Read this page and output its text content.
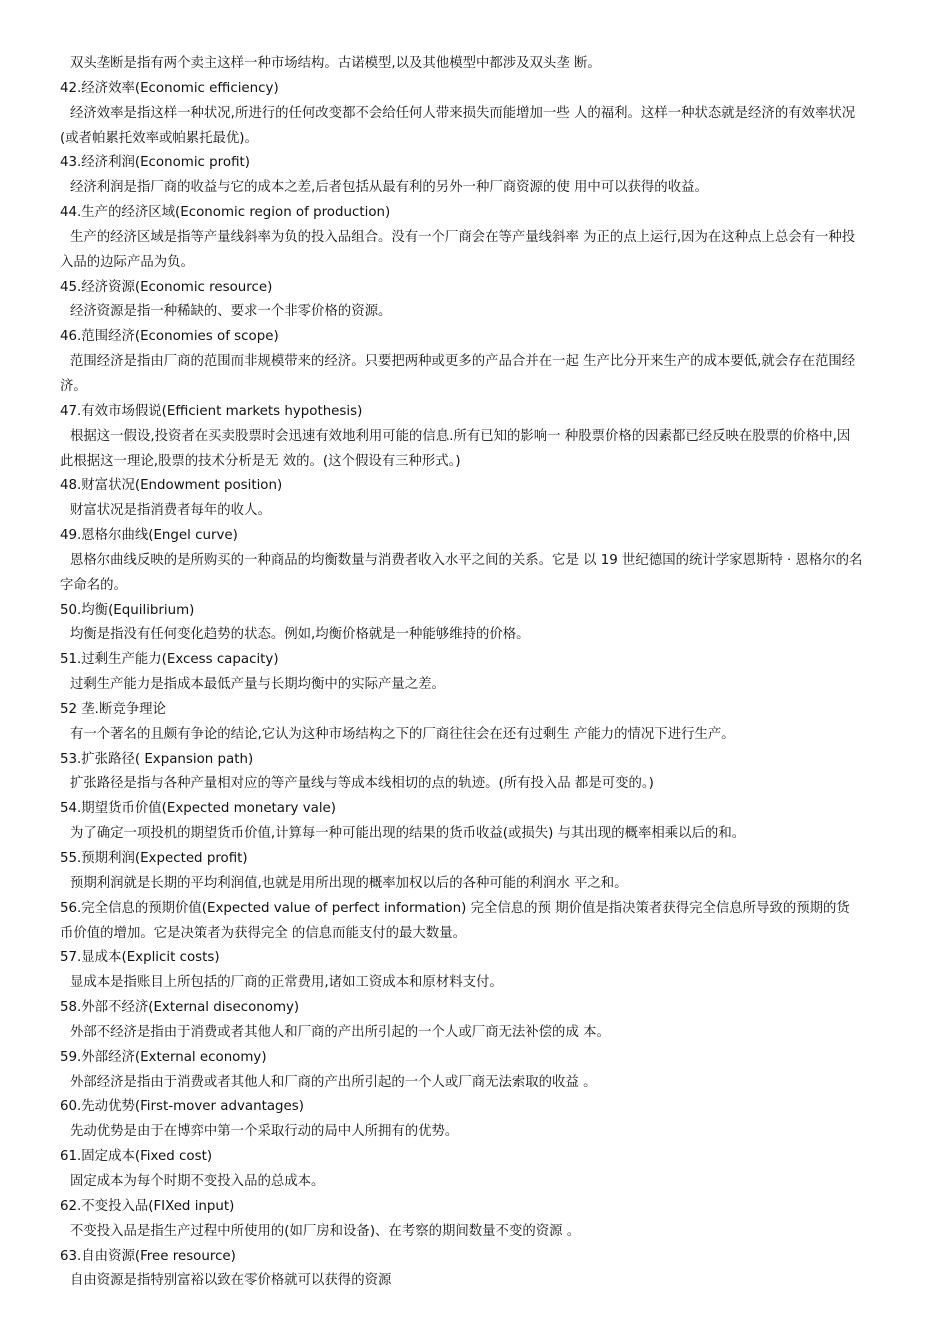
双头垄断是指有两个卖主这样一种市场结构。古诺模型,以及其他模型中都涉及双头垄 断。
42.经济效率(Economic efficiency)
经济效率是指这样一种状况,所进行的任何改变都不会给任何人带来损失而能增加一些 人的福利。这样一种状态就是经济的有效率状况
(或者帕累托效率或帕累托最优)。
43.经济利润(Economic profit)
经济利润是指厂商的收益与它的成本之差,后者包括从最有利的另外一种厂商资源的使 用中可以获得的收益。
44.生产的经济区域(Economic region of production)
生产的经济区域是指等产量线斜率为负的投入品组合。没有一个厂商会在等产量线斜率 为正的点上运行,因为在这种点上总会有一种投
入品的边际产品为负。
45.经济资源(Economic resource)
经济资源是指一种稀缺的、要求一个非零价格的资源。
46.范围经济(Economies of scope)
范围经济是指由厂商的范围而非规模带来的经济。只要把两种或更多的产品合并在一起 生产比分开来生产的成本要低,就会存在范围经
济。
47.有效市场假说(Efficient markets hypothesis)
根据这一假设,投资者在买卖股票时会迅速有效地利用可能的信息.所有已知的影响一 种股票价格的因素都已经反映在股票的价格中,因
此根据这一理论,股票的技术分析是无 效的。(这个假设有三种形式。)
48.财富状况(Endowment position)
财富状况是指消费者每年的收人。
49.恩格尔曲线(Engel curve)
恩格尔曲线反映的是所购买的一种商品的均衡数量与消费者收入水平之间的关系。它是 以 19 世纪德国的统计学家恩斯特 · 恩格尔的名
字命名的。
50.均衡(Equilibrium)
均衡是指没有任何变化趋势的状态。例如,均衡价格就是一种能够维持的价格。
51.过剩生产能力(Excess capacity)
过剩生产能力是指成本最低产量与长期均衡中的实际产量之差。
52 垄.断竞争理论
有一个著名的且颇有争论的结论,它认为这种市场结构之下的厂商往往会在还有过剩生 产能力的情况下进行生产。
53.扩张路径( Expansion path)
扩张路径是指与各种产量相对应的等产量线与等成本线相切的点的轨迹。(所有投入品 都是可变的。)
54.期望货币价值(Expected monetary vale)
为了确定一项投机的期望货币价值,计算每一种可能出现的结果的货币收益(或损失) 与其出现的概率相乘以后的和。
55.预期利润(Expected profit)
预期利润就是长期的平均利润值,也就是用所出现的概率加权以后的各种可能的利润水 平之和。
56.完全信息的预期价值(Expected value of perfect information) 完全信息的预 期价值是指决策者获得完全信息所导致的预期的货
币价值的增加。它是决策者为获得完全 的信息而能支付的最大数量。
57.显成本(Explicit costs)
显成本是指账目上所包括的厂商的正常费用,诸如工资成本和原材料支付。
58.外部不经济(External diseconomy)
外部不经济是指由于消费或者其他人和厂商的产出所引起的一个人或厂商无法补偿的成 本。
59.外部经济(External economy)
外部经济是指由于消费或者其他人和厂商的产出所引起的一个人或厂商无法索取的收益 。
60.先动优势(First-mover advantages)
先动优势是由于在博弈中第一个采取行动的局中人所拥有的优势。
61.固定成本(Fixed cost)
固定成本为每个时期不变投入品的总成本。
62.不变投入品(FIXed input)
不变投入品是指生产过程中所使用的(如厂房和设备)、在考察的期间数量不变的资源 。
63.自由资源(Free resource)
自由资源是指特别富裕以致在零价格就可以获得的资源
